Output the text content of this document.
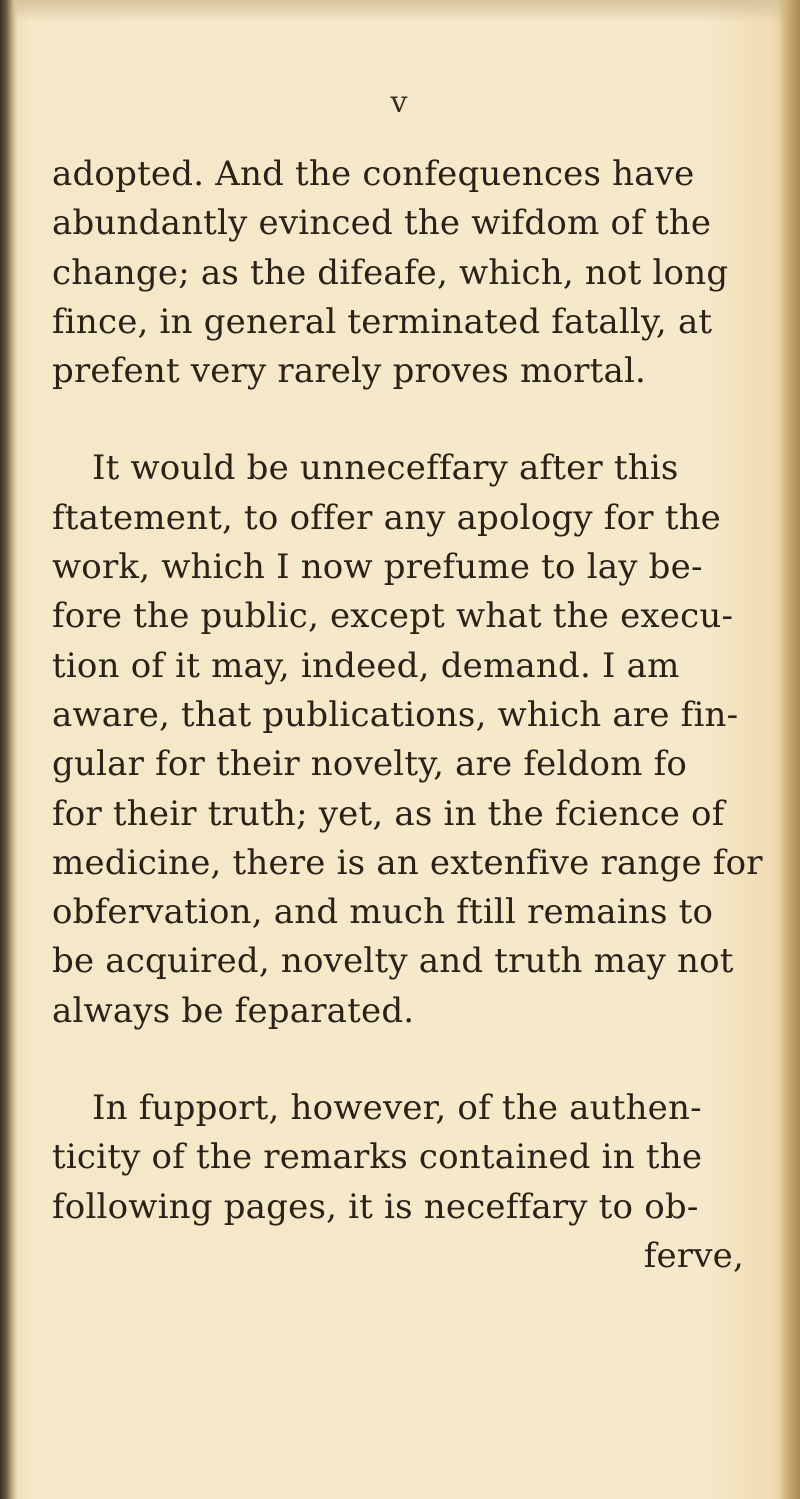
v
adopted. And the confequences have
abundantly evinced the wifdom of the
change; as the difeafe, which, not long
fince, in general terminated fatally, at
prefent very rarely proves mortal.
It would be unneceffary after this
ftatement, to offer any apology for the
work, which I now prefume to lay be-
fore the public, except what the execu-
tion of it may, indeed, demand. I am
aware, that publications, which are fin-
gular for their novelty, are feldom fo
for their truth; yet, as in the fcience of
medicine, there is an extenfive range for
obfervation, and much ftill remains to
be acquired, novelty and truth may not
always be feparated.
In fupport, however, of the authen-
ticity of the remarks contained in the
following pages, it is neceffary to ob-
ferve,
